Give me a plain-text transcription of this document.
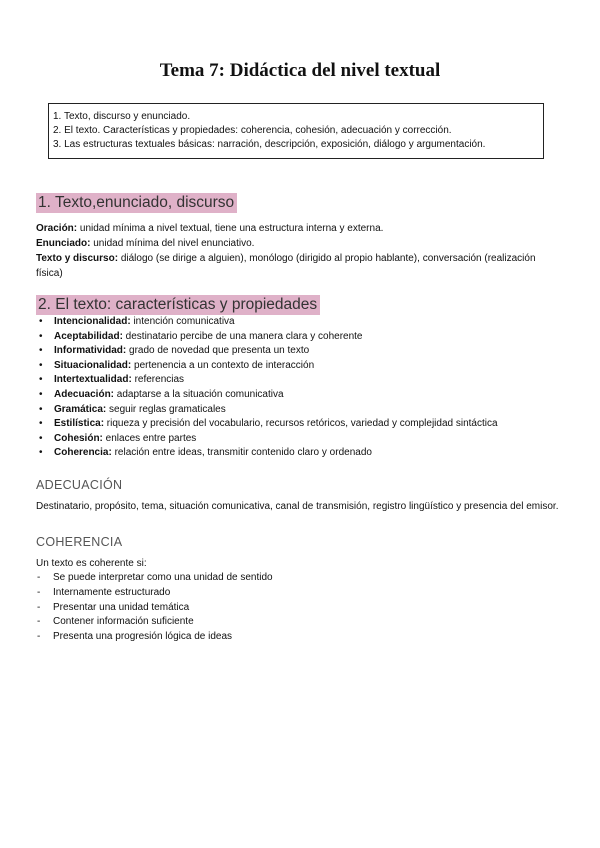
Tema 7: Didáctica del nivel textual
1. Texto, discurso y enunciado.
2. El texto. Características y propiedades: coherencia, cohesión, adecuación y corrección.
3. Las estructuras textuales básicas: narración, descripción, exposición, diálogo y argumentación.
1. Texto,enunciado, discurso
Oración: unidad mínima a nivel textual, tiene una estructura interna y externa.
Enunciado: unidad mínima del nivel enunciativo.
Texto y discurso: diálogo (se dirige a alguien), monólogo (dirigido al propio hablante), conversación (realización física)
2. El texto: características y propiedades
• Intencionalidad: intención comunicativa
• Aceptabilidad: destinatario percibe de una manera clara y coherente
• Informatividad: grado de novedad que presenta un texto
• Situacionalidad: pertenencia a un contexto de interacción
• Intertextualidad: referencias
• Adecuación: adaptarse a la situación comunicativa
• Gramática: seguir reglas gramaticales
• Estilística: riqueza y precisión del vocabulario, recursos retóricos, variedad y complejidad sintáctica
• Cohesión: enlaces entre partes
• Coherencia: relación entre ideas, transmitir contenido claro y ordenado
ADECUACIÓN
Destinatario, propósito, tema, situación comunicativa, canal de transmisión, registro lingüístico y presencia del emisor.
COHERENCIA
Un texto es coherente si:
- Se puede interpretar como una unidad de sentido
- Internamente estructurado
- Presentar una unidad temática
- Contener información suficiente
- Presenta una progresión lógica de ideas
